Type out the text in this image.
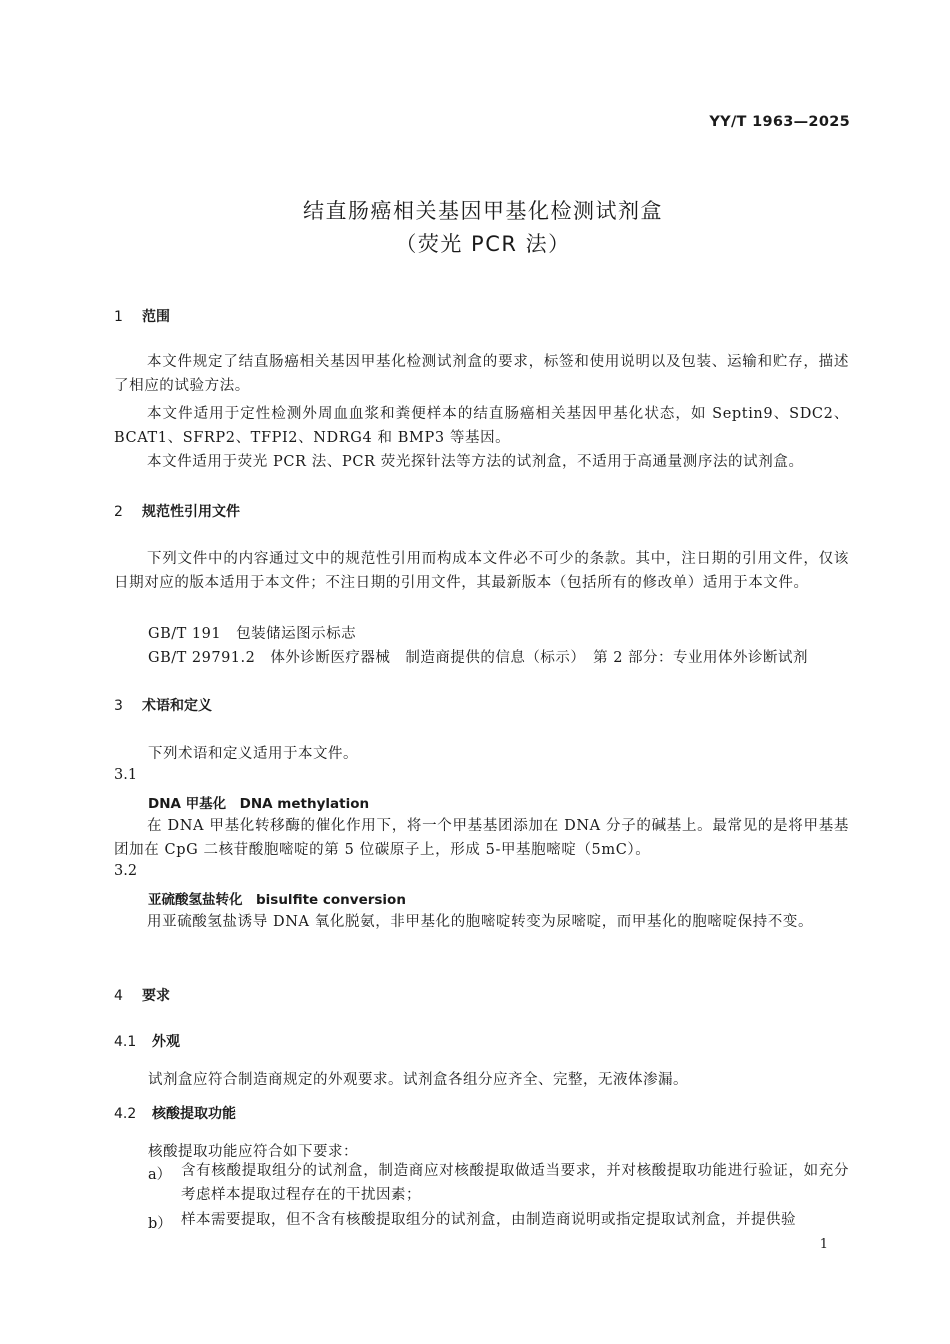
YY/T 1963—2025
结直肠癌相关基因甲基化检测试剂盒
（荧光 PCR 法）
1 范围
本文件规定了结直肠癌相关基因甲基化检测试剂盒的要求，标签和使用说明以及包装、运输和贮存，描述了相应的试验方法。
本文件适用于定性检测外周血血浆和粪便样本的结直肠癌相关基因甲基化状态，如 Septin9、SDC2、BCAT1、SFRP2、TFPI2、NDRG4 和 BMP3 等基因。
本文件适用于荧光 PCR 法、PCR 荧光探针法等方法的试剂盒，不适用于高通量测序法的试剂盒。
2 规范性引用文件
下列文件中的内容通过文中的规范性引用而构成本文件必不可少的条款。其中，注日期的引用文件，仅该日期对应的版本适用于本文件；不注日期的引用文件，其最新版本（包括所有的修改单）适用于本文件。
GB/T 191　包装储运图示标志
GB/T 29791.2　体外诊断医疗器械　制造商提供的信息（标示）　第 2 部分：专业用体外诊断试剂
3 术语和定义
下列术语和定义适用于本文件。
3.1
DNA 甲基化　DNA methylation
在 DNA 甲基化转移酶的催化作用下，将一个甲基基团添加在 DNA 分子的碱基上。最常见的是将甲基基团加在 CpG 二核苷酸胞嘧啶的第 5 位碳原子上，形成 5-甲基胞嘧啶（5mC）。
3.2
亚硫酸氢盐转化　bisulfite conversion
用亚硫酸氢盐诱导 DNA 氧化脱氨，非甲基化的胞嘧啶转变为尿嘧啶，而甲基化的胞嘧啶保持不变。
4 要求
4.1 外观
试剂盒应符合制造商规定的外观要求。试剂盒各组分应齐全、完整，无液体渗漏。
4.2 核酸提取功能
核酸提取功能应符合如下要求：
a） 含有核酸提取组分的试剂盒，制造商应对核酸提取做适当要求，并对核酸提取功能进行验证，如充分考虑样本提取过程存在的干扰因素；
b） 样本需要提取，但不含有核酸提取组分的试剂盒，由制造商说明或指定提取试剂盒，并提供验
1
